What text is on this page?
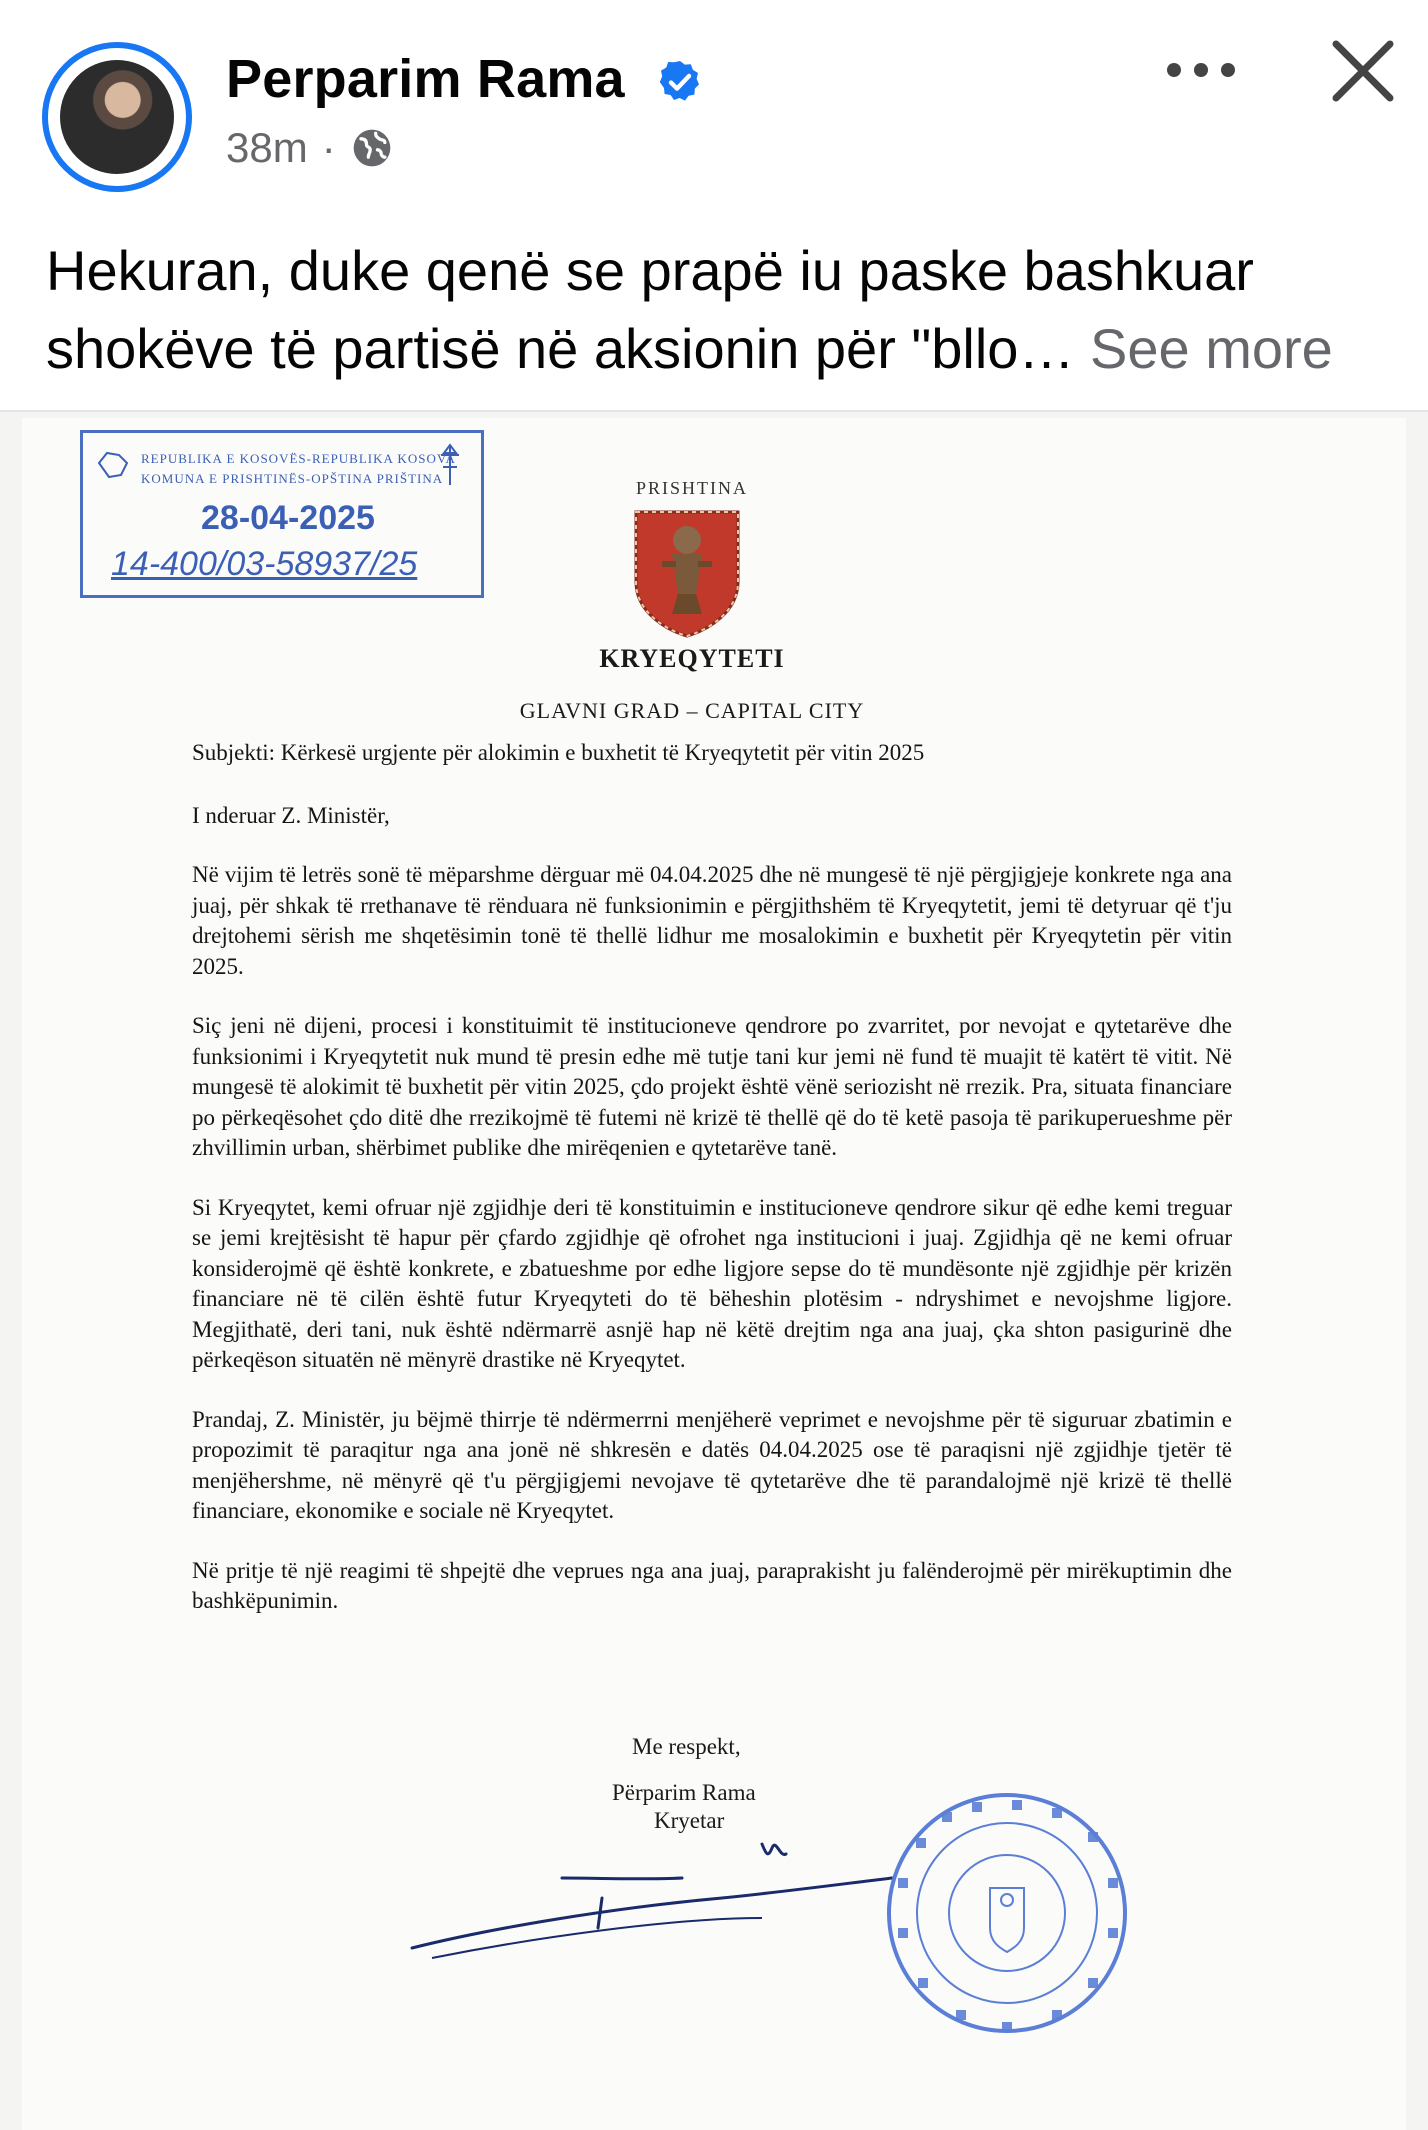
Perparim Rama
38m ·
Hekuran, duke qenë se prapë iu paske bashkuar
shokëve të partisë në aksionin për "bllo… See more
REPUBLIKA E KOSOVËS-REPUBLIKA KOSOVA
KOMUNA E PRISHTINËS-OPŠTINA PRIŠTINA
28-04-2025
14-400/03-58937/25
PRISHTINA
KRYEQYTETI
GLAVNI GRAD – CAPITAL CITY

Subjekti: Kërkesë urgjente për alokimin e buxhetit të Kryeqytetit për vitin 2025

I nderuar Z. Ministër,

Në vijim të letrës sonë të mëparshme dërguar më 04.04.2025 dhe në mungesë të një përgjigjeje konkrete nga ana juaj, për shkak të rrethanave të rënduara në funksionimin e përgjithshëm të Kryeqytetit, jemi të detyruar që t'ju drejtohemi sërish me shqetësimin tonë të thellë lidhur me mosalokimin e buxhetit për Kryeqytetin për vitin 2025.

Siç jeni në dijeni, procesi i konstituimit të institucioneve qendrore po zvarritet, por nevojat e qytetarëve dhe funksionimi i Kryeqytetit nuk mund të presin edhe më tutje tani kur jemi në fund të muajit të katërt të vitit. Në mungesë të alokimit të buxhetit për vitin 2025, çdo projekt është vënë seriozisht në rrezik. Pra, situata financiare po përkeqësohet çdo ditë dhe rrezikojmë të futemi në krizë të thellë që do të ketë pasoja të parikuperueshme për zhvillimin urban, shërbimet publike dhe mirëqenien e qytetarëve tanë.

Si Kryeqytet, kemi ofruar një zgjidhje deri të konstituimin e institucioneve qendrore sikur që edhe kemi treguar se jemi krejtësisht të hapur për çfardo zgjidhje që ofrohet nga institucioni i juaj. Zgjidhja që ne kemi ofruar konsiderojmë që është konkrete, e zbatueshme por edhe ligjore sepse do të mundësonte një zgjidhje për krizën financiare në të cilën është futur Kryeqyteti do të bëheshin plotësim - ndryshimet e nevojshme ligjore. Megjithatë, deri tani, nuk është ndërmarrë asnjë hap në këtë drejtim nga ana juaj, çka shton pasigurinë dhe përkeqëson situatën në mënyrë drastike në Kryeqytet.

Prandaj, Z. Ministër, ju bëjmë thirrje të ndërmerrni menjëherë veprimet e nevojshme për të siguruar zbatimin e propozimit të paraqitur nga ana jonë në shkresën e datës 04.04.2025 ose të paraqisni një zgjidhje tjetër të menjëhershme, në mënyrë që t'u përgjigjemi nevojave të qytetarëve dhe të parandalojmë një krizë të thellë financiare, ekonomike e sociale në Kryeqytet.

Në pritje të një reagimi të shpejtë dhe veprues nga ana juaj, paraprakisht ju falënderojmë për mirëkuptimin dhe bashkëpunimin.

Me respekt,
Përparim Rama
Kryetar
